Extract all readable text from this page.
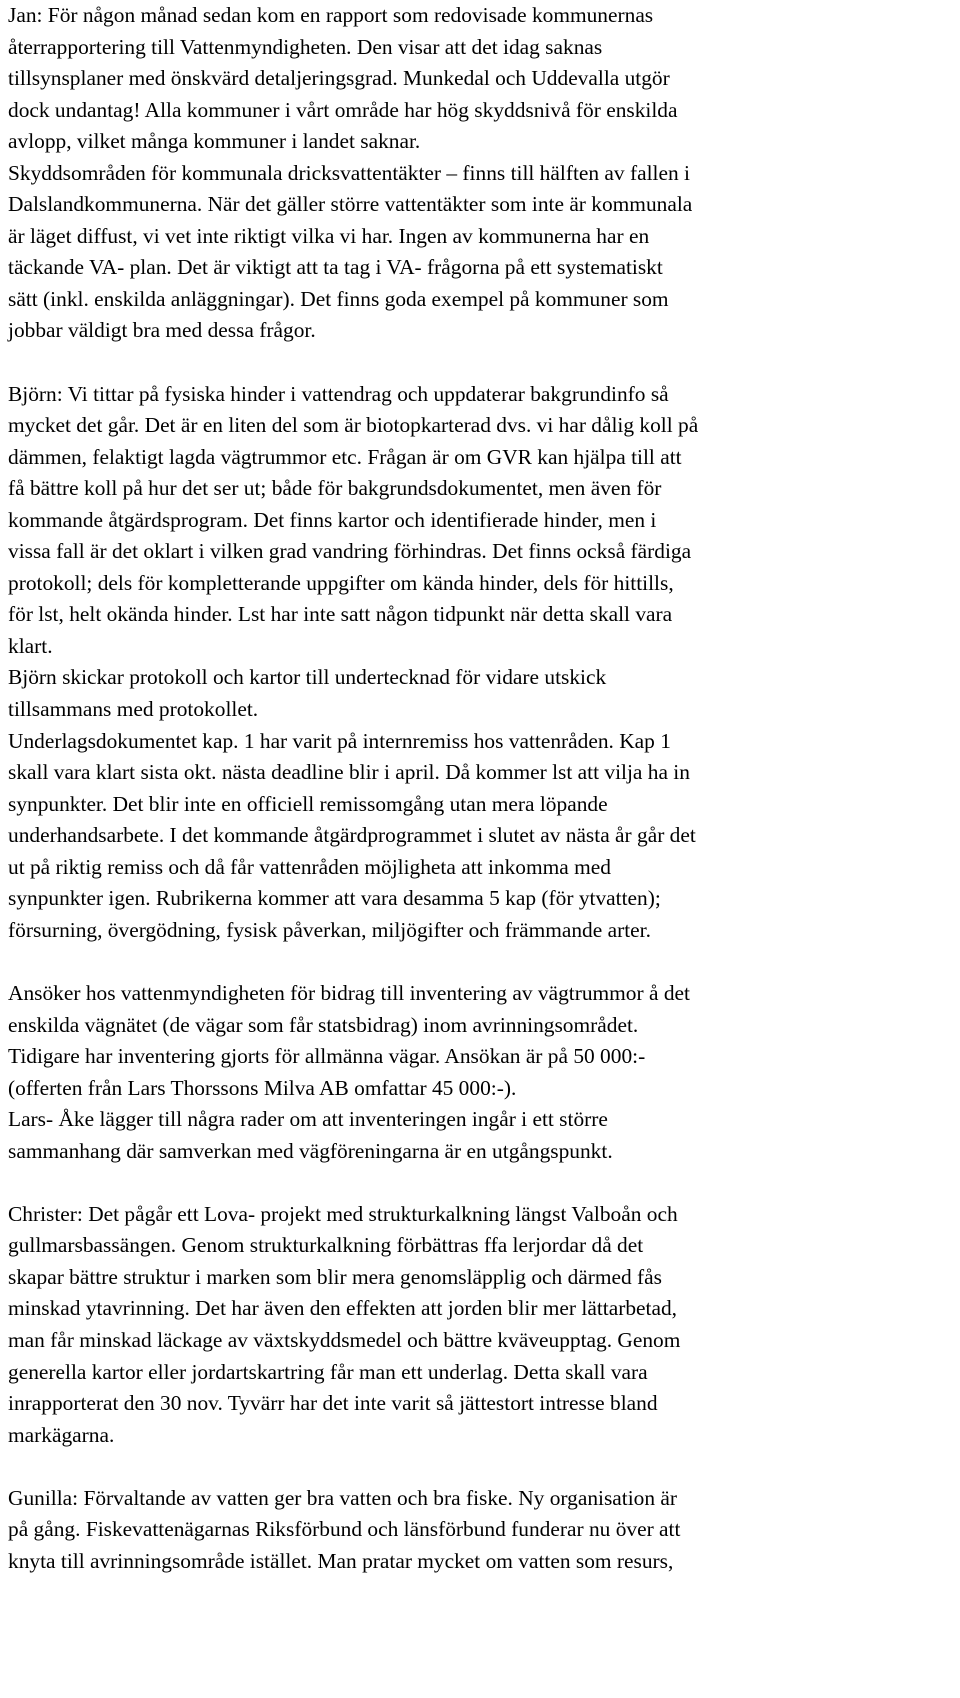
Jan: För någon månad sedan kom en rapport som redovisade kommunernas
återrapportering till Vattenmyndigheten. Den visar att det idag saknas
tillsynsplaner med önskvärd detaljeringsgrad. Munkedal och Uddevalla utgör
dock undantag! Alla kommuner i vårt område har hög skyddsnivå för enskilda
avlopp, vilket många kommuner i landet saknar.
Skyddsområden för kommunala dricksvattentäkter – finns till hälften av fallen i
Dalslandkommunerna. När det gäller större vattentäkter som inte är kommunala
är läget diffust, vi vet inte riktigt vilka vi har. Ingen av kommunerna har en
täckande VA- plan. Det är viktigt att ta tag i VA- frågorna på ett systematiskt
sätt (inkl. enskilda anläggningar). Det finns goda exempel på kommuner som
jobbar väldigt bra med dessa frågor.
Björn: Vi tittar på fysiska hinder i vattendrag och uppdaterar bakgrundinfo så
mycket det går. Det är en liten del som är biotopkarterad dvs. vi har dålig koll på
dämmen, felaktigt lagda vägtrummor etc. Frågan är om GVR kan hjälpa till att
få bättre koll på hur det ser ut; både för bakgrundsdokumentet, men även för
kommande åtgärdsprogram. Det finns kartor och identifierade hinder, men i
vissa fall är det oklart i vilken grad vandring förhindras. Det finns också färdiga
protokoll; dels för kompletterande uppgifter om kända hinder, dels för hittills,
för lst, helt okända hinder. Lst har inte satt någon tidpunkt när detta skall vara
klart.
Björn skickar protokoll och kartor till undertecknad för vidare utskick
tillsammans med protokollet.
Underlagsdokumentet kap. 1 har varit på internremiss hos vattenråden. Kap 1
skall vara klart sista okt. nästa deadline blir i april. Då kommer lst att vilja ha in
synpunkter. Det blir inte en officiell remissomgång utan mera löpande
underhandsarbete. I det kommande åtgärdprogrammet i slutet av nästa år går det
ut på riktig remiss och då får vattenråden möjligheta att inkomma med
synpunkter igen. Rubrikerna kommer att vara desamma 5 kap (för ytvatten);
försurning, övergödning, fysisk påverkan, miljögifter och främmande arter.
Ansöker hos vattenmyndigheten för bidrag till inventering av vägtrummor å det
enskilda vägnätet (de vägar som får statsbidrag) inom avrinningsområdet.
Tidigare har inventering gjorts för allmänna vägar. Ansökan är på 50 000:-
(offerten från Lars Thorssons Milva AB omfattar 45 000:-).
Lars- Åke lägger till några rader om att inventeringen ingår i ett större
sammanhang där samverkan med vägföreningarna är en utgångspunkt.
Christer: Det pågår ett Lova- projekt med strukturkalkning längst Valboån och
gullmarsbassängen. Genom strukturkalkning förbättras ffa lerjordar då det
skapar bättre struktur i marken som blir mera genomsläpplig och därmed fås
minskad ytavrinning. Det har även den effekten att jorden blir mer lättarbetad,
man får minskad läckage av växtskyddsmedel och bättre kväveupptag. Genom
generella kartor eller jordartskartring får man ett underlag. Detta skall vara
inrapporterat den 30 nov. Tyvärr har det inte varit så jättestort intresse bland
markägarna.
Gunilla: Förvaltande av vatten ger bra vatten och bra fiske. Ny organisation är
på gång. Fiskevattenägarnas Riksförbund och länsförbund funderar nu över att
knyta till avrinningsområde istället. Man pratar mycket om vatten som resurs,
